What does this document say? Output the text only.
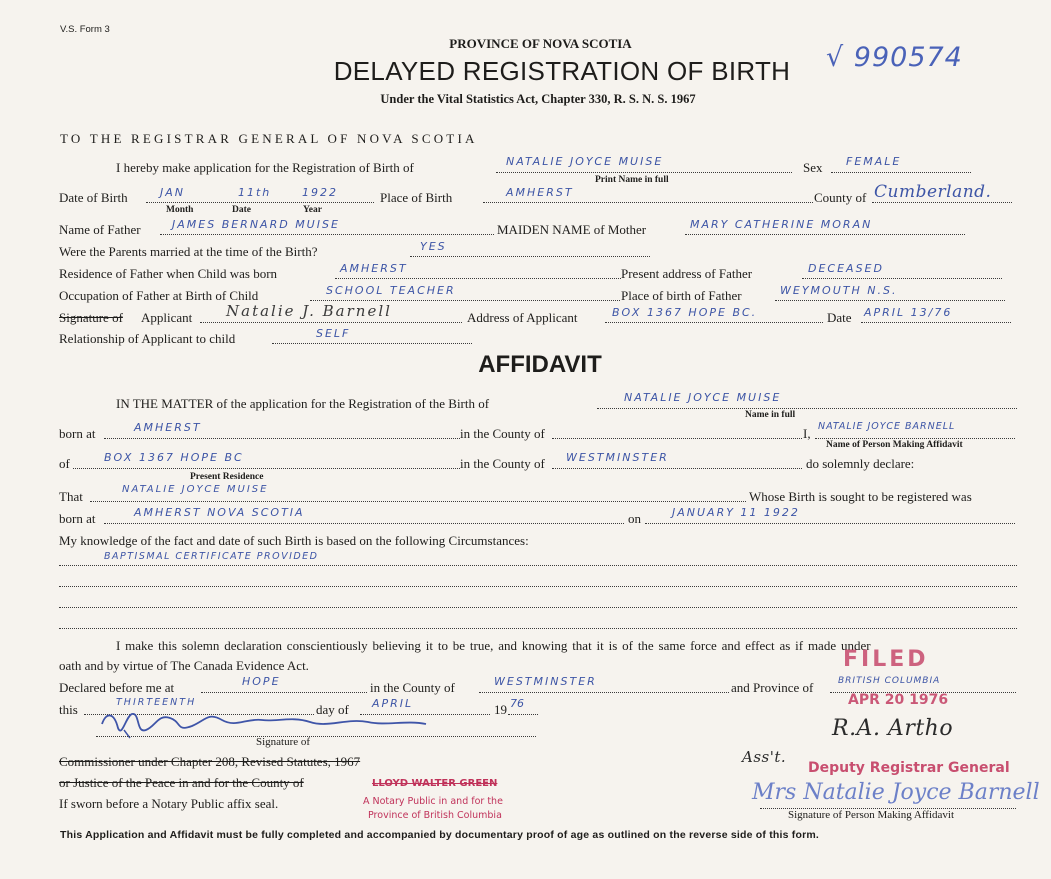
V.S. Form 3
PROVINCE OF NOVA SCOTIA
DELAYED REGISTRATION OF BIRTH
Under the Vital Statistics Act, Chapter 330, R. S. N. S. 1967
√ 990574
TO THE REGISTRAR GENERAL OF NOVA SCOTIA
I hereby make application for the Registration of Birth of	NATALIE JOYCE MUISE
Print Name in full
Sex FEMALE
Date of Birth	JAN	11th	1922
Month	Date	Year
Place of Birth	AMHERST	County of Cumberland.
Name of Father	JAMES BERNARD MUISE	MAIDEN NAME of Mother	MARY CATHERINE MORAN
Were the Parents married at the time of the Birth?	YES
Residence of Father when Child was born	AMHERST	Present address of Father	DECEASED
Occupation of Father at Birth of Child	SCHOOL TEACHER	Place of birth of Father	WEYMOUTH N.S.
Signature of Applicant Natalie J. Barnell	Address of Applicant	BOX 1367 HOPE BC.	Date APRIL 13/76
Relationship of Applicant to child	SELF
AFFIDAVIT
IN THE MATTER of the application for the Registration of the Birth of	NATALIE JOYCE MUISE
Name in full
born at	AMHERST	in the County of	I, NATALIE JOYCE BARNELL
Name of Person Making Affidavit
of	BOX 1367 HOPE BC
Present Residence
in the County of WESTMINSTER	do solemnly declare:
That	NATALIE JOYCE MUISE	Whose Birth is sought to be registered was
born at	AMHERST NOVA SCOTIA	on	JANUARY 11 1922
My knowledge of the fact and date of such Birth is based on the following Circumstances:
BAPTISMAL CERTIFICATE PROVIDED
I make this solemn declaration conscientiously believing it to be true, and knowing that it is of the same force and effect as if made under
oath and by virtue of The Canada Evidence Act.	FILED
Declared before me at	HOPE	in the County of	WESTMINSTER	and Province of	BRITISH COLUMBIA
this	THIRTEENTH	day of APRIL	19 76	APR 20 1976
Signature of
R.A. Artho
Ass't.
Deputy Registrar General
Commissioner under Chapter 208, Revised Statutes, 1967
or Justice of the Peace in and for the County of	LLOYD WALTER GREEN
If sworn before a Notary Public affix seal.	A Notary Public in and for the
Province of British Columbia
Mrs Natalie Joyce Barnell
Signature of Person Making Affidavit
This Application and Affidavit must be fully completed and accompanied by documentary proof of age as outlined on the reverse side of this form.
